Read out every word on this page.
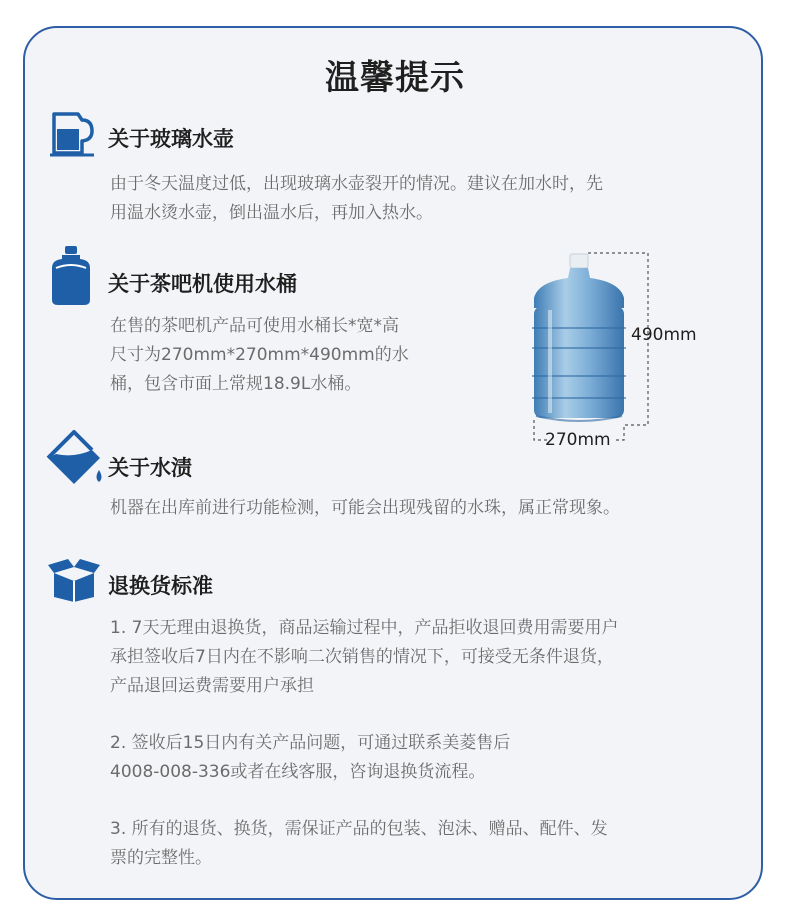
温馨提示
关于玻璃水壶
由于冬天温度过低，出现玻璃水壶裂开的情况。建议在加水时，先
用温水烫水壶，倒出温水后，再加入热水。
关于茶吧机使用水桶
在售的茶吧机产品可使用水桶长*宽*高
尺寸为270mm*270mm*490mm的水
桶，包含市面上常规18.9L水桶。
490mm
270mm
关于水渍
机器在出库前进行功能检测，可能会出现残留的水珠，属正常现象。
退换货标准
1. 7天无理由退换货，商品运输过程中，产品拒收退回费用需要用户
承担签收后7日内在不影响二次销售的情况下，可接受无条件退货，
产品退回运费需要用户承担
2. 签收后15日内有关产品问题，可通过联系美菱售后
4008-008-336或者在线客服，咨询退换货流程。
3. 所有的退货、换货，需保证产品的包装、泡沫、赠品、配件、发
票的完整性。
